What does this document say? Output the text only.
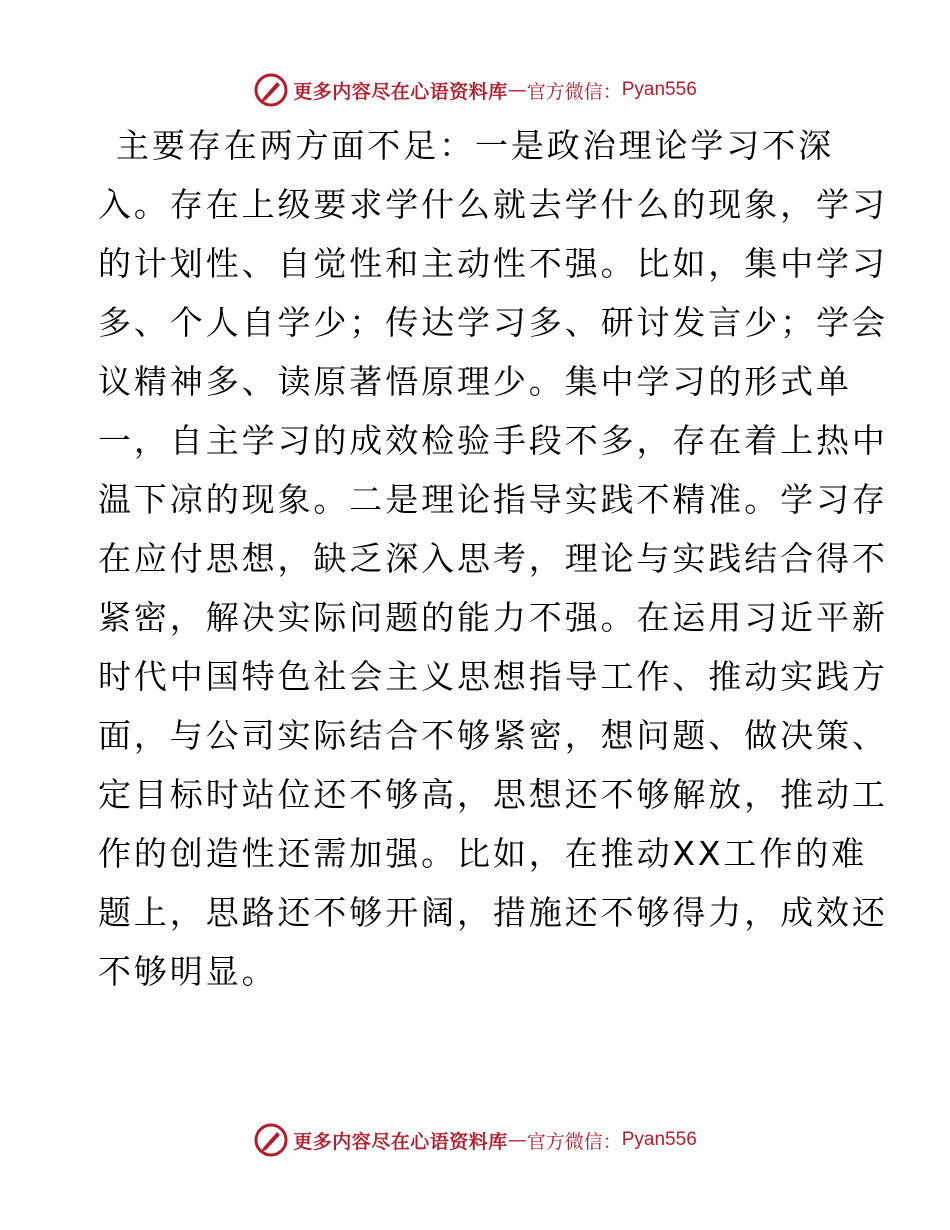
更多内容尽在心语资料库 — 官方微信： Pyan556
主要存在两方面不足：一是政治理论学习不深
入。存在上级要求学什么就去学什么的现象，学习
的计划性、自觉性和主动性不强。比如，集中学习
多、个人自学少；传达学习多、研讨发言少；学会
议精神多、读原著悟原理少。集中学习的形式单
一，自主学习的成效检验手段不多，存在着上热中
温下凉的现象。二是理论指导实践不精准。学习存
在应付思想，缺乏深入思考，理论与实践结合得不
紧密，解决实际问题的能力不强。在运用习近平新
时代中国特色社会主义思想指导工作、推动实践方
面，与公司实际结合不够紧密，想问题、做决策、
定目标时站位还不够高，思想还不够解放，推动工
作的创造性还需加强。比如，在推动XX工作的难
题上，思路还不够开阔，措施还不够得力，成效还
不够明显。
更多内容尽在心语资料库 — 官方微信： Pyan556
